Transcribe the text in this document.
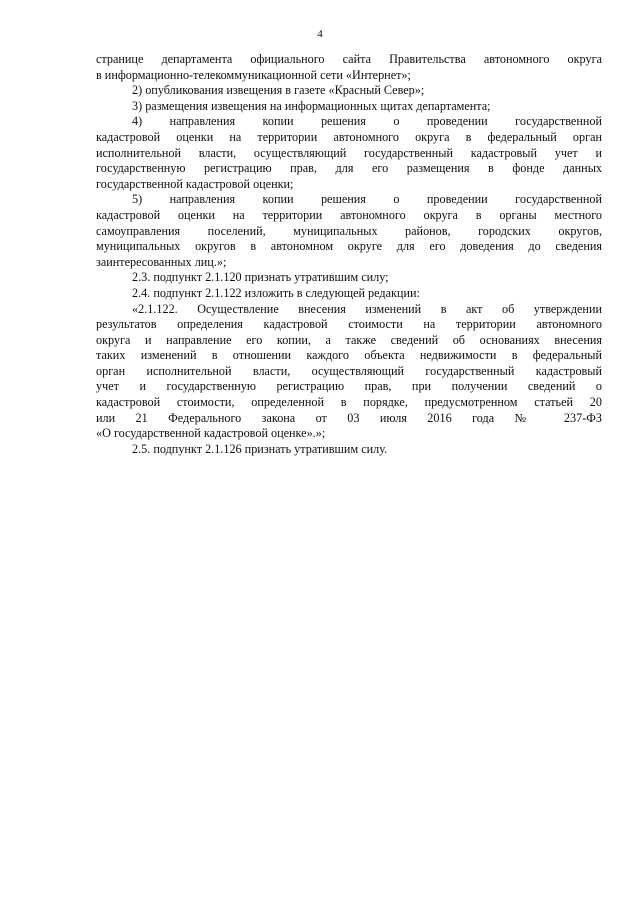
4

странице департамента официального сайта Правительства автономного округа
в информационно-телекоммуникационной сети «Интернет»;

2) опубликования извещения в газете «Красный Север»;

3) размещения извещения на информационных щитах департамента;

4) направления копии решения о проведении государственной
кадастровой оценки на территории автономного округа в федеральный орган
исполнительной власти, осуществляющий государственный кадастровый учет и
государственную регистрацию прав, для его размещения в фонде данных
государственной кадастровой оценки;

5) направления копии решения о проведении государственной
кадастровой оценки на территории автономного округа в органы местного
самоуправления поселений, муниципальных районов, городских округов,
муниципальных округов в автономном округе для его доведения до сведения
заинтересованных лиц.»;

2.3. подпункт 2.1.120 признать утратившим силу;

2.4. подпункт 2.1.122 изложить в следующей редакции:

«2.1.122. Осуществление внесения изменений в акт об утверждении
результатов определения кадастровой стоимости на территории автономного
округа и направление его копии, а также сведений об основаниях внесения
таких изменений в отношении каждого объекта недвижимости в федеральный
орган исполнительной власти, осуществляющий государственный кадастровый
учет и государственную регистрацию прав, при получении сведений о
кадастровой стоимости, определенной в порядке, предусмотренном статьей 20
или 21 Федерального закона от 03 июля 2016 года № 237-ФЗ
«О государственной кадастровой оценке».»;

2.5. подпункт 2.1.126 признать утратившим силу.
